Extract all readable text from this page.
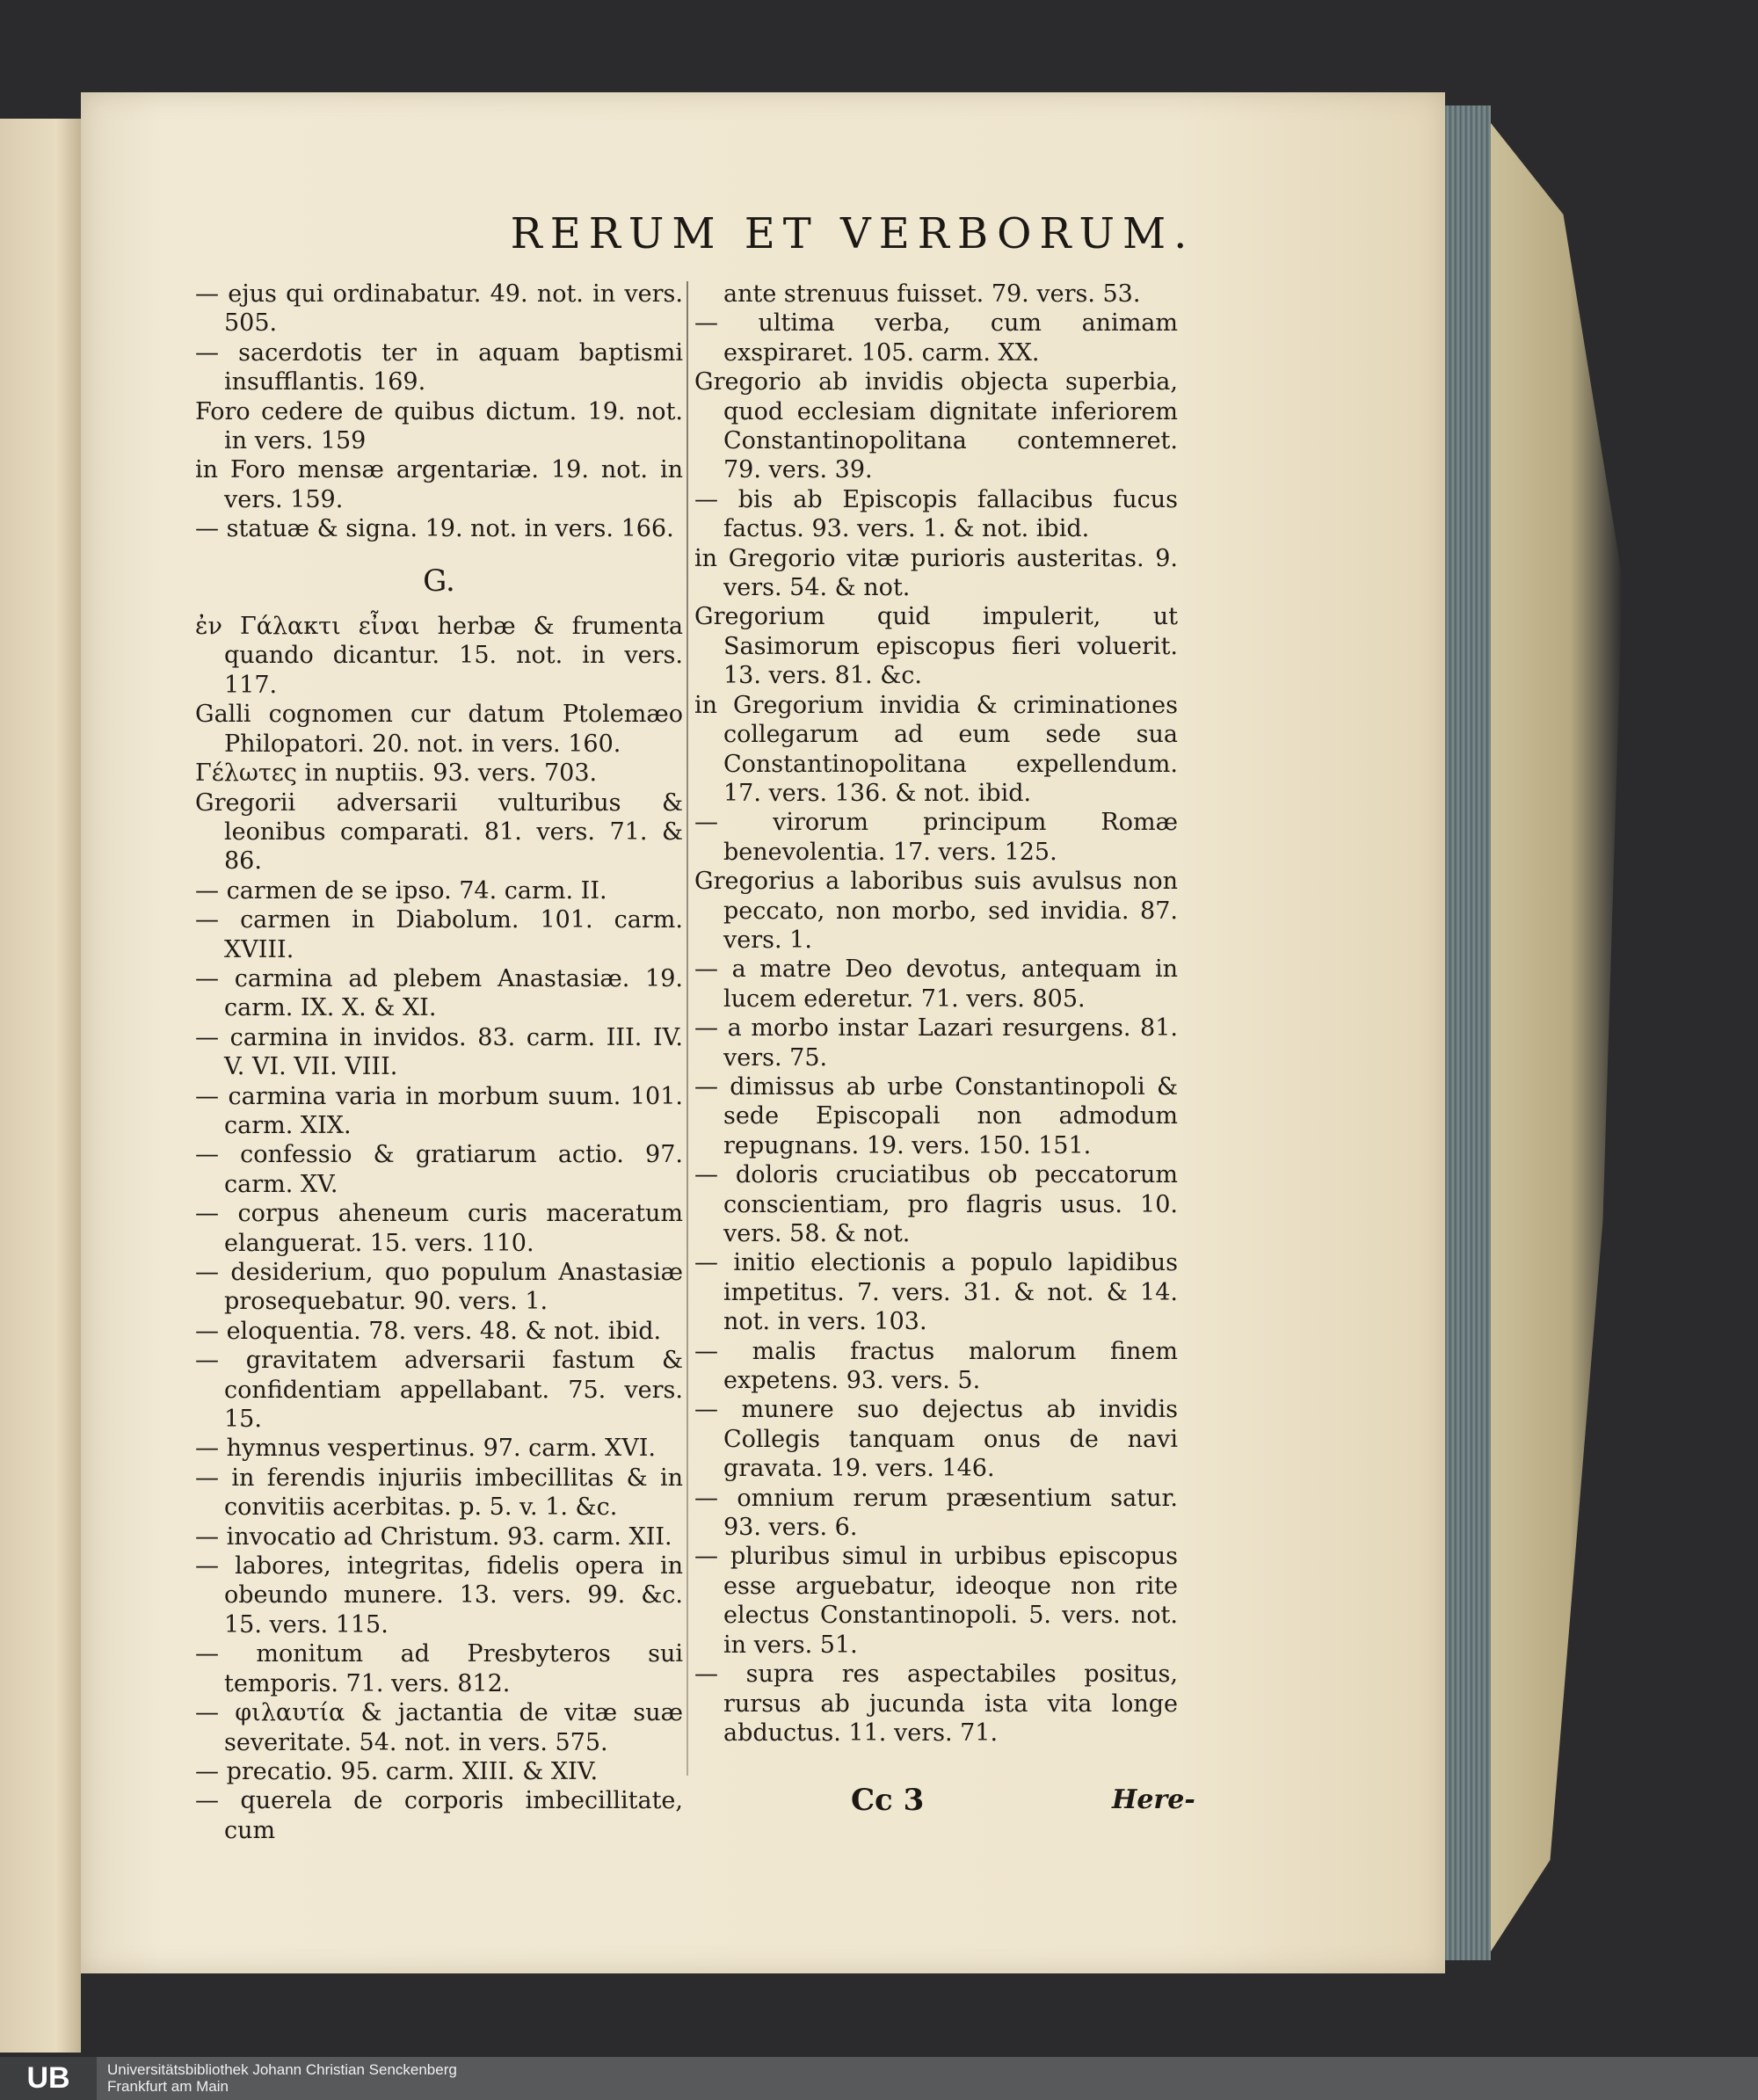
RERUM ET VERBORUM.

— ejus qui ordinabatur. 49. not. in vers. 505.

— sacerdotis ter in aquam baptismi insufflantis. 169.

Foro cedere de quibus dictum. 19. not. in vers. 159

in Foro mensæ argentariæ. 19. not. in vers. 159.

— statuæ & signa. 19. not. in vers. 166.

G.

ἐν Γάλακτι εἶναι herbæ & frumenta quando dicantur. 15. not. in vers. 117.

Galli cognomen cur datum Ptolemæo Philopatori. 20. not. in vers. 160.

Γέλωτες in nuptiis. 93. vers. 703.

Gregorii adversarii vulturibus & leonibus comparati. 81. vers. 71. & 86.

— carmen de se ipso. 74. carm. II.

— carmen in Diabolum. 101. carm. XVIII.

— carmina ad plebem Anastasiæ. 19. carm. IX. X. & XI.

— carmina in invidos. 83. carm. III. IV. V. VI. VII. VIII.

— carmina varia in morbum suum. 101. carm. XIX.

— confessio & gratiarum actio. 97. carm. XV.

— corpus aheneum curis maceratum elanguerat. 15. vers. 110.

— desiderium, quo populum Anastasiæ prosequebatur. 90. vers. 1.

— eloquentia. 78. vers. 48. & not. ibid.

— gravitatem adversarii fastum & confidentiam appellabant. 75. vers. 15.

— hymnus vespertinus. 97. carm. XVI.

— in ferendis injuriis imbecillitas & in convitiis acerbitas. p. 5. v. 1. &c.

— invocatio ad Christum. 93. carm. XII.

— labores, integritas, fidelis opera in obeundo munere. 13. vers. 99. &c. 15. vers. 115.

— monitum ad Presbyteros sui temporis. 71. vers. 812.

— φιλαυτία & jactantia de vitæ suæ severitate. 54. not. in vers. 575.

— precatio. 95. carm. XIII. & XIV.

— querela de corporis imbecillitate, cum

ante strenuus fuisset. 79. vers. 53.

— ultima verba, cum animam exspiraret. 105. carm. XX.

Gregorio ab invidis objecta superbia, quod ecclesiam dignitate inferiorem Constantinopolitana contemneret. 79. vers. 39.

— bis ab Episcopis fallacibus fucus factus. 93. vers. 1. & not. ibid.

in Gregorio vitæ purioris austeritas. 9. vers. 54. & not.

Gregorium quid impulerit, ut Sasimorum episcopus fieri voluerit. 13. vers. 81. &c.

in Gregorium invidia & criminationes collegarum ad eum sede sua Constantinopolitana expellendum. 17. vers. 136. & not. ibid.

— virorum principum Romæ benevolentia. 17. vers. 125.

Gregorius a laboribus suis avulsus non peccato, non morbo, sed invidia. 87. vers. 1.

— a matre Deo devotus, antequam in lucem ederetur. 71. vers. 805.

— a morbo instar Lazari resurgens. 81. vers. 75.

— dimissus ab urbe Constantinopoli & sede Episcopali non admodum repugnans. 19. vers. 150. 151.

— doloris cruciatibus ob peccatorum conscientiam, pro flagris usus. 10. vers. 58. & not.

— initio electionis a populo lapidibus impetitus. 7. vers. 31. & not. & 14. not. in vers. 103.

— malis fractus malorum finem expetens. 93. vers. 5.

— munere suo dejectus ab invidis Collegis tanquam onus de navi gravata. 19. vers. 146.

— omnium rerum præsentium satur. 93. vers. 6.

— pluribus simul in urbibus episcopus esse arguebatur, ideoque non rite electus Constantinopoli. 5. vers. not. in vers. 51.

— supra res aspectabiles positus, rursus ab jucunda ista vita longe abductus. 11. vers. 71.

Cc 3	Here-
UB	Universitätsbibliothek Johann Christian Senckenberg
Frankfurt am Main
